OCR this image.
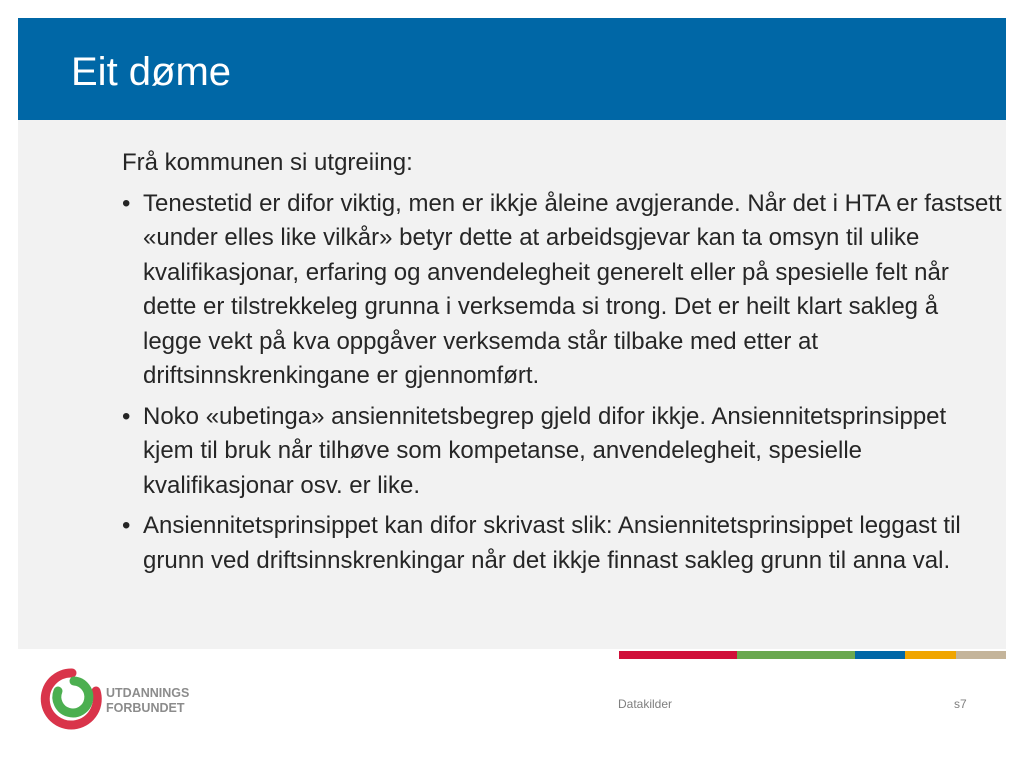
Eit døme

Frå kommunen si utgreiing:

• Tenestetid er difor viktig, men er ikkje åleine avgjerande. Når det i HTA er fastsett «under elles like vilkår» betyr dette at arbeidsgjevar kan ta omsyn til ulike kvalifikasjonar, erfaring og anvendelegheit generelt eller på spesielle felt når dette er tilstrekkeleg grunna i verksemda si trong. Det er heilt klart sakleg å legge vekt på kva oppgåver verksemda står tilbake med etter at driftsinnskrenkingane er gjennomført.

• Noko «ubetinga» ansiennitetsbegrep gjeld difor ikkje. Ansiennitetsprinsippet kjem til bruk når tilhøve som kompetanse, anvendelegheit, spesielle kvalifikasjonar osv. er like.

• Ansiennitetsprinsippet kan difor skrivast slik: Ansiennitetsprinsippet leggast til grunn ved driftsinnskrenkingar når det ikkje finnast sakleg grunn til anna val.

UTDANNINGS
FORBUNDET	Datakilder	s7
